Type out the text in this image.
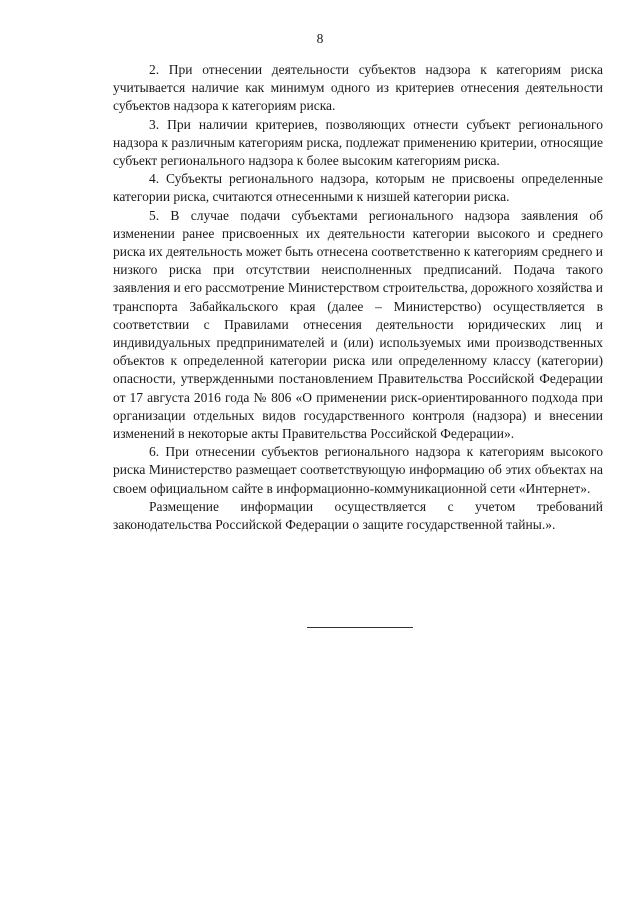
8

2. При отнесении деятельности субъектов надзора к категориям риска учитывается наличие как минимум одного из критериев отнесения деятельности субъектов надзора к категориям риска.

3. При наличии критериев, позволяющих отнести субъект регионального надзора к различным категориям риска, подлежат применению критерии, относящие субъект регионального надзора к более высоким категориям риска.

4. Субъекты регионального надзора, которым не присвоены определенные категории риска, считаются отнесенными к низшей категории риска.

5. В случае подачи субъектами регионального надзора заявления об изменении ранее присвоенных их деятельности категории высокого и среднего риска их деятельность может быть отнесена соответственно к категориям среднего и низкого риска при отсутствии неисполненных предписаний. Подача такого заявления и его рассмотрение Министерством строительства, дорожного хозяйства и транспорта Забайкальского края (далее – Министерство) осуществляется в соответствии с Правилами отнесения деятельности юридических лиц и индивидуальных предпринимателей и (или) используемых ими производственных объектов к определенной категории риска или определенному классу (категории) опасности, утвержденными постановлением Правительства Российской Федерации от 17 августа 2016 года № 806 «О применении риск-ориентированного подхода при организации отдельных видов государственного контроля (надзора) и внесении изменений в некоторые акты Правительства Российской Федерации».

6. При отнесении субъектов регионального надзора к категориям высокого риска Министерство размещает соответствующую информацию об этих объектах на своем официальном сайте в информационно-коммуникационной сети «Интернет».

Размещение информации осуществляется с учетом требований законодательства Российской Федерации о защите государственной тайны.».
